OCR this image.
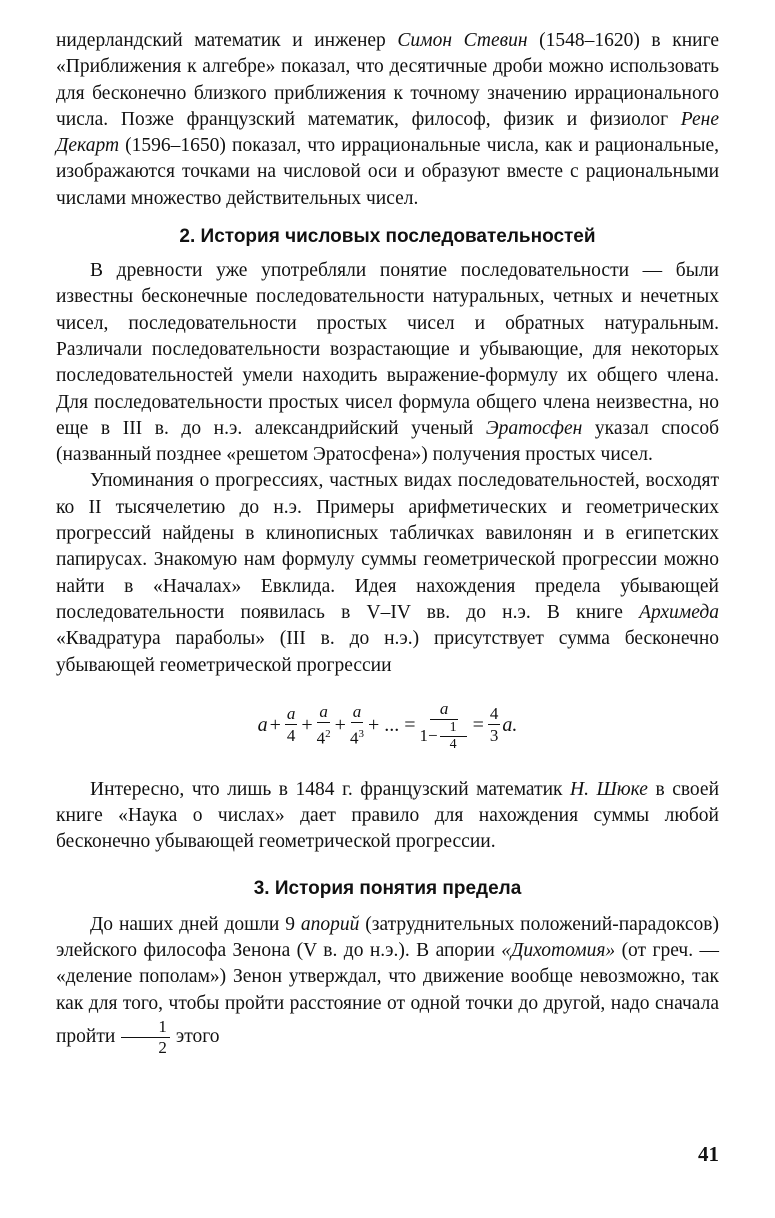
нидерландский математик и инженер Симон Стевин (1548–1620) в книге «Приближения к алгебре» показал, что десятичные дроби можно использовать для бесконечно близкого приближения к точному значению иррационального числа. Позже французский математик, философ, физик и физиолог Рене Декарт (1596–1650) показал, что иррациональные числа, как и рациональные, изображаются точками на числовой оси и образуют вместе с рациональными числами множество действительных чисел.

2. История числовых последовательностей

В древности уже употребляли понятие последовательности — были известны бесконечные последовательности натуральных, четных и нечетных чисел, последовательности простых чисел и обратных натуральным. Различали последовательности возрастающие и убывающие, для некоторых последовательностей умели находить выражение-формулу их общего члена. Для последовательности простых чисел формула общего члена неизвестна, но еще в III в. до н.э. александрийский ученый Эратосфен указал способ (названный позднее «решетом Эратосфена») получения простых чисел.

Упоминания о прогрессиях, частных видах последовательностей, восходят ко II тысячелетию до н.э. Примеры арифметических и геометрических прогрессий найдены в клинописных табличках вавилонян и в египетских папирусах. Знакомую нам формулу суммы геометрической прогрессии можно найти в «Началах» Евклида. Идея нахождения предела убывающей последовательности появилась в V–IV вв. до н.э. В книге Архимеда «Квадратура параболы» (III в. до н.э.) присутствует сумма бесконечно убывающей геометрической прогрессии

$a + \frac{a}{4} + \frac{a}{4^2} + \frac{a}{4^3}$ + ... = $\frac{a}{1- \frac{1}{4}} = \frac{4}{3} a$.

Интересно, что лишь в 1484 г. французский математик Н. Шюке в своей книге «Наука о числах» дает правило для нахождения суммы любой бесконечно убывающей геометрической прогрессии.

3. История понятия предела

До наших дней дошли 9 апорий (затруднительных положений-парадоксов) элейского философа Зенона (V в. до н.э.). В апории «Дихотомия» (от греч. — «деление пополам») Зенон утверждал, что движение вообще невозможно, так как для того, чтобы пройти расстояние от одной точки до другой, надо сначала пройти $\frac{1}{2}$ этого

41
